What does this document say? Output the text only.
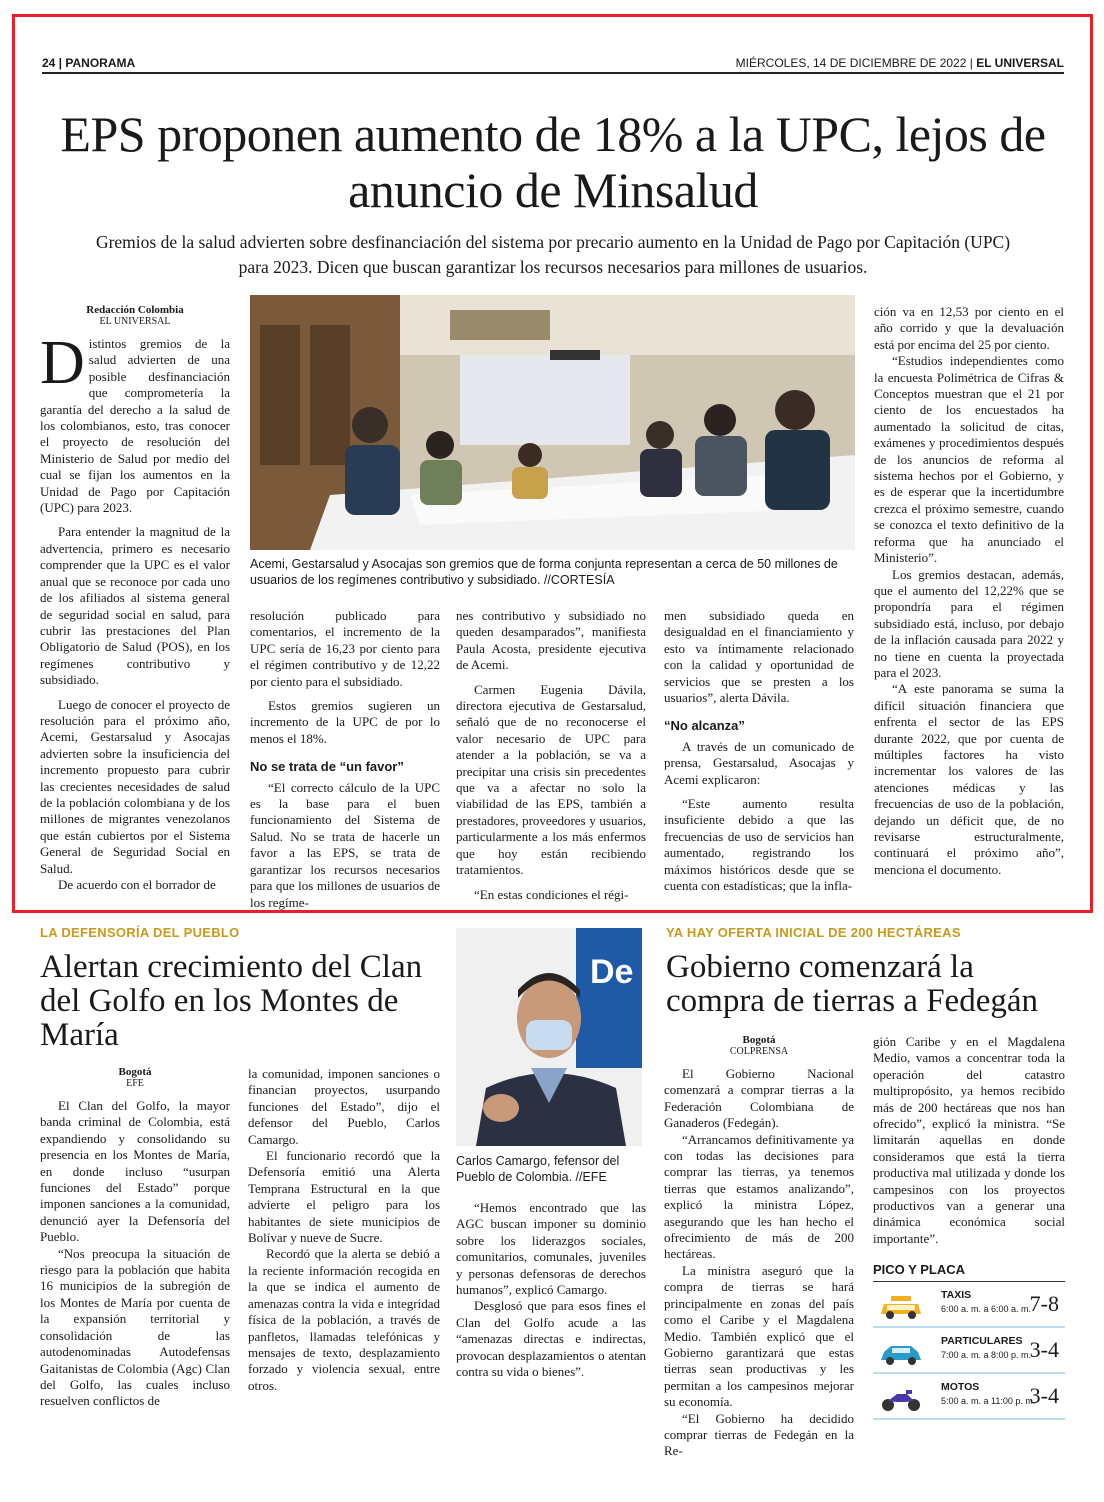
24 | PANORAMA	MIÉRCOLES, 14 DE DICIEMBRE DE 2022 | EL UNIVERSAL
EPS proponen aumento de 18% a la UPC, lejos de anuncio de Minsalud

Gremios de la salud advierten sobre desfinanciación del sistema por precario aumento en la Unidad de Pago por Capitación (UPC) para 2023. Dicen que buscan garantizar los recursos necesarios para millones de usuarios.

Redacción Colombia
EL UNIVERSAL

Distintos gremios de la salud advierten de una posible desfinanciación que comprometería la garantía del derecho a la salud de los colombianos, esto, tras conocer el proyecto de resolución del Ministerio de Salud por medio del cual se fijan los aumentos en la Unidad de Pago por Capitación (UPC) para 2023.

Para entender la magnitud de la advertencia, primero es necesario comprender que la UPC es el valor anual que se reconoce por cada uno de los afiliados al sistema general de seguridad social en salud, para cubrir las prestaciones del Plan Obligatorio de Salud (POS), en los regímenes contributivo y subsidiado.

Luego de conocer el proyecto de resolución para el próximo año, Acemi, Gestarsalud y Asocajas advierten sobre la insuficiencia del incremento propuesto para cubrir las crecientes necesidades de salud de la población colombiana y de los millones de migrantes venezolanos que están cubiertos por el Sistema General de Seguridad Social en Salud.

De acuerdo con el borrador de

Acemi, Gestarsalud y Asocajas son gremios que de forma conjunta representan a cerca de 50 millones de usuarios de los regímenes contributivo y subsidiado. //CORTESÍA

resolución publicado para comentarios, el incremento de la UPC sería de 16,23 por ciento para el régimen contributivo y de 12,22 por ciento para el subsidiado.

Estos gremios sugieren un incremento de la UPC de por lo menos el 18%.

No se trata de “un favor”

“El correcto cálculo de la UPC es la base para el buen funcionamiento del Sistema de Salud. No se trata de hacerle un favor a las EPS, se trata de garantizar los recursos necesarios para que los millones de usuarios de los regíme-

nes contributivo y subsidiado no queden desamparados”, manifiesta Paula Acosta, presidente ejecutiva de Acemi.

Carmen Eugenia Dávila, directora ejecutiva de Gestarsalud, señaló que de no reconocerse el valor necesario de UPC para atender a la población, se va a precipitar una crisis sin precedentes que va a afectar no solo la viabilidad de las EPS, también a prestadores, proveedores y usuarios, particularmente a los más enfermos que hoy están recibiendo tratamientos.

“En estas condiciones el régi-

men subsidiado queda en desigualdad en el financiamiento y esto va íntimamente relacionado con la calidad y oportunidad de servicios que se presten a los usuarios”, alerta Dávila.

“No alcanza”

A través de un comunicado de prensa, Gestarsalud, Asocajas y Acemi explicaron:

“Este aumento resulta insuficiente debido a que las frecuencias de uso de servicios han aumentado, registrando los máximos históricos desde que se cuenta con estadísticas; que la infla-

ción va en 12,53 por ciento en el año corrido y que la devaluación está por encima del 25 por ciento.

“Estudios independientes como la encuesta Polimétrica de Cifras & Conceptos muestran que el 21 por ciento de los encuestados ha aumentado la solicitud de citas, exámenes y procedimientos después de los anuncios de reforma al sistema hechos por el Gobierno, y es de esperar que la incertidumbre crezca el próximo semestre, cuando se conozca el texto definitivo de la reforma que ha anunciado el Ministerio”.

Los gremios destacan, además, que el aumento del 12,22% que se propondría para el régimen subsidiado está, incluso, por debajo de la inflación causada para 2022 y no tiene en cuenta la proyectada para el 2023.

“A este panorama se suma la difícil situación financiera que enfrenta el sector de las EPS durante 2022, que por cuenta de múltiples factores ha visto incrementar los valores de las atenciones médicas y las frecuencias de uso de la población, dejando un déficit que, de no revisarse estructuralmente, continuará el próximo año”, menciona el documento.

LA DEFENSORÍA DEL PUEBLO
Alertan crecimiento del Clan del Golfo en los Montes de María
Bogotá
EFE

El Clan del Golfo, la mayor banda criminal de Colombia, está expandiendo y consolidando su presencia en los Montes de María, en donde incluso “usurpan funciones del Estado” porque imponen sanciones a la comunidad, denunció ayer la Defensoría del Pueblo.

“Nos preocupa la situación de riesgo para la población que habita 16 municipios de la subregión de los Montes de María por cuenta de la expansión territorial y consolidación de las autodenominadas Autodefensas Gaitanistas de Colombia (Agc) Clan del Golfo, las cuales incluso resuelven conflictos de

la comunidad, imponen sanciones o financian proyectos, usurpando funciones del Estado”, dijo el defensor del Pueblo, Carlos Camargo.

El funcionario recordó que la Defensoría emitió una Alerta Temprana Estructural en la que advierte el peligro para los habitantes de siete municipios de Bolívar y nueve de Sucre.

Recordó que la alerta se debió a la reciente información recogida en la que se indica el aumento de amenazas contra la vida e integridad física de la población, a través de panfletos, llamadas telefónicas y mensajes de texto, desplazamiento forzado y violencia sexual, entre otros.

De
Carlos Camargo, fefensor del Pueblo de Colombia. //EFE

“Hemos encontrado que las AGC buscan imponer su dominio sobre los liderazgos sociales, comunitarios, comunales, juveniles y personas defensoras de derechos humanos”, explicó Camargo.

Desglosó que para esos fines el Clan del Golfo acude a las “amenazas directas e indirectas, provocan desplazamientos o atentan contra su vida o bienes”.

YA HAY OFERTA INICIAL DE 200 HECTÁREAS
Gobierno comenzará la compra de tierras a Fedegán
Bogotá
COLPRENSA

El Gobierno Nacional comenzará a comprar tierras a la Federación Colombiana de Ganaderos (Fedegán).

“Arrancamos definitivamente ya con todas las decisiones para comprar las tierras, ya tenemos tierras que estamos analizando”, explicó la ministra López, asegurando que les han hecho el ofrecimiento de más de 200 hectáreas.

La ministra aseguró que la compra de tierras se hará principalmente en zonas del país como el Caribe y el Magdalena Medio. También explicó que el Gobierno garantizará que estas tierras sean productivas y les permitan a los campesinos mejorar su economía.

“El Gobierno ha decidido comprar tierras de Fedegán en la Re-

gión Caribe y en el Magdalena Medio, vamos a concentrar toda la operación del catastro multipropósito, ya hemos recibido más de 200 hectáreas que nos han ofrecido”, explicó la ministra. “Se limitarán aquellas en donde consideramos que está la tierra productiva mal utilizada y donde los campesinos con los proyectos productivos van a generar una dinámica económica social importante”.

PICO Y PLACA
TAXIS
6:00 a. m. a 6:00 a. m.
7-8
PARTICULARES
7:00 a. m. a 8:00 p. m.
3-4
MOTOS
5:00 a. m. a 11:00 p. m.
3-4
